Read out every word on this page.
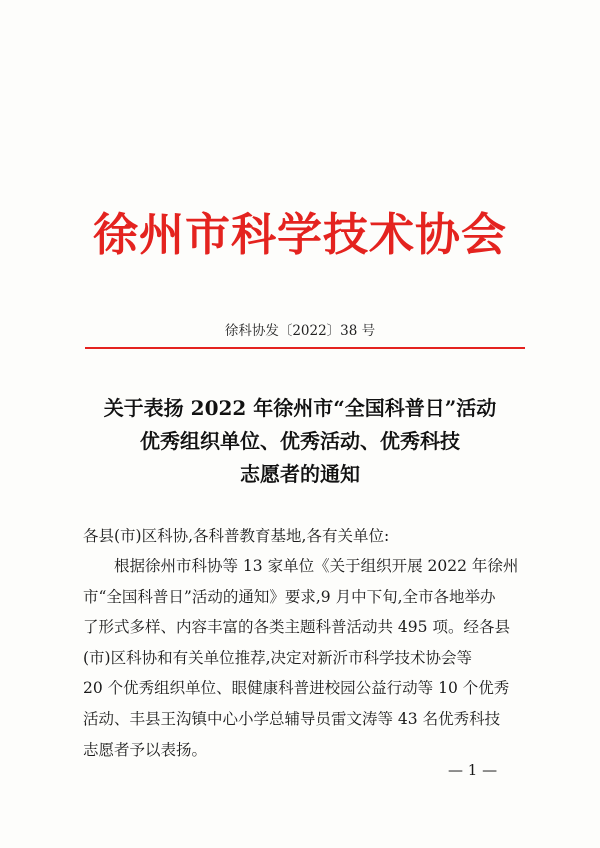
徐州市科学技术协会
徐科协发〔2022〕38 号
关于表扬 2022 年徐州市“全国科普日”活动
优秀组织单位、优秀活动、优秀科技
志愿者的通知
各县(市)区科协,各科普教育基地,各有关单位:
根据徐州市科协等 13 家单位《关于组织开展 2022 年徐州
市“全国科普日”活动的通知》要求,9 月中下旬,全市各地举办
了形式多样、内容丰富的各类主题科普活动共 495 项。经各县
(市)区科协和有关单位推荐,决定对新沂市科学技术协会等
20 个优秀组织单位、眼健康科普进校园公益行动等 10 个优秀
活动、丰县王沟镇中心小学总辅导员雷文涛等 43 名优秀科技
志愿者予以表扬。
— 1 —
